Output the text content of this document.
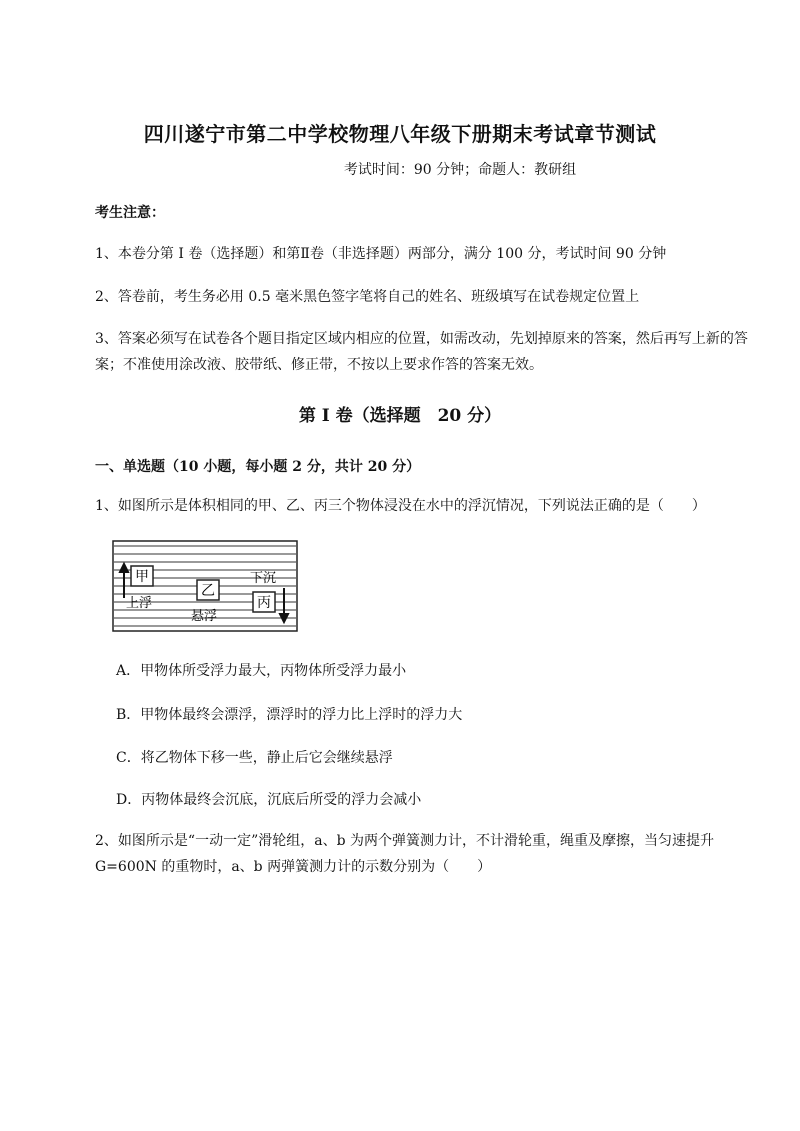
四川遂宁市第二中学校物理八年级下册期末考试章节测试
考试时间：90 分钟；命题人：教研组
考生注意：
1、本卷分第 I 卷（选择题）和第Ⅱ卷（非选择题）两部分，满分 100 分，考试时间 90 分钟
2、答卷前，考生务必用 0.5 毫米黑色签字笔将自己的姓名、班级填写在试卷规定位置上
3、答案必须写在试卷各个题目指定区域内相应的位置，如需改动，先划掉原来的答案，然后再写上新的答案；不准使用涂改液、胶带纸、修正带，不按以上要求作答的答案无效。
第 I 卷（选择题　20 分）
一、单选题（10 小题，每小题 2 分，共计 20 分）
1、如图所示是体积相同的甲、乙、丙三个物体浸没在水中的浮沉情况，下列说法正确的是（　　）
甲
上浮
乙
悬浮
下沉
丙
A．甲物体所受浮力最大，丙物体所受浮力最小
B．甲物体最终会漂浮，漂浮时的浮力比上浮时的浮力大
C．将乙物体下移一些，静止后它会继续悬浮
D．丙物体最终会沉底，沉底后所受的浮力会减小
2、如图所示是“一动一定”滑轮组，a、b 为两个弹簧测力计，不计滑轮重，绳重及摩擦，当匀速提升 G=600N 的重物时，a、b 两弹簧测力计的示数分别为（　　）
